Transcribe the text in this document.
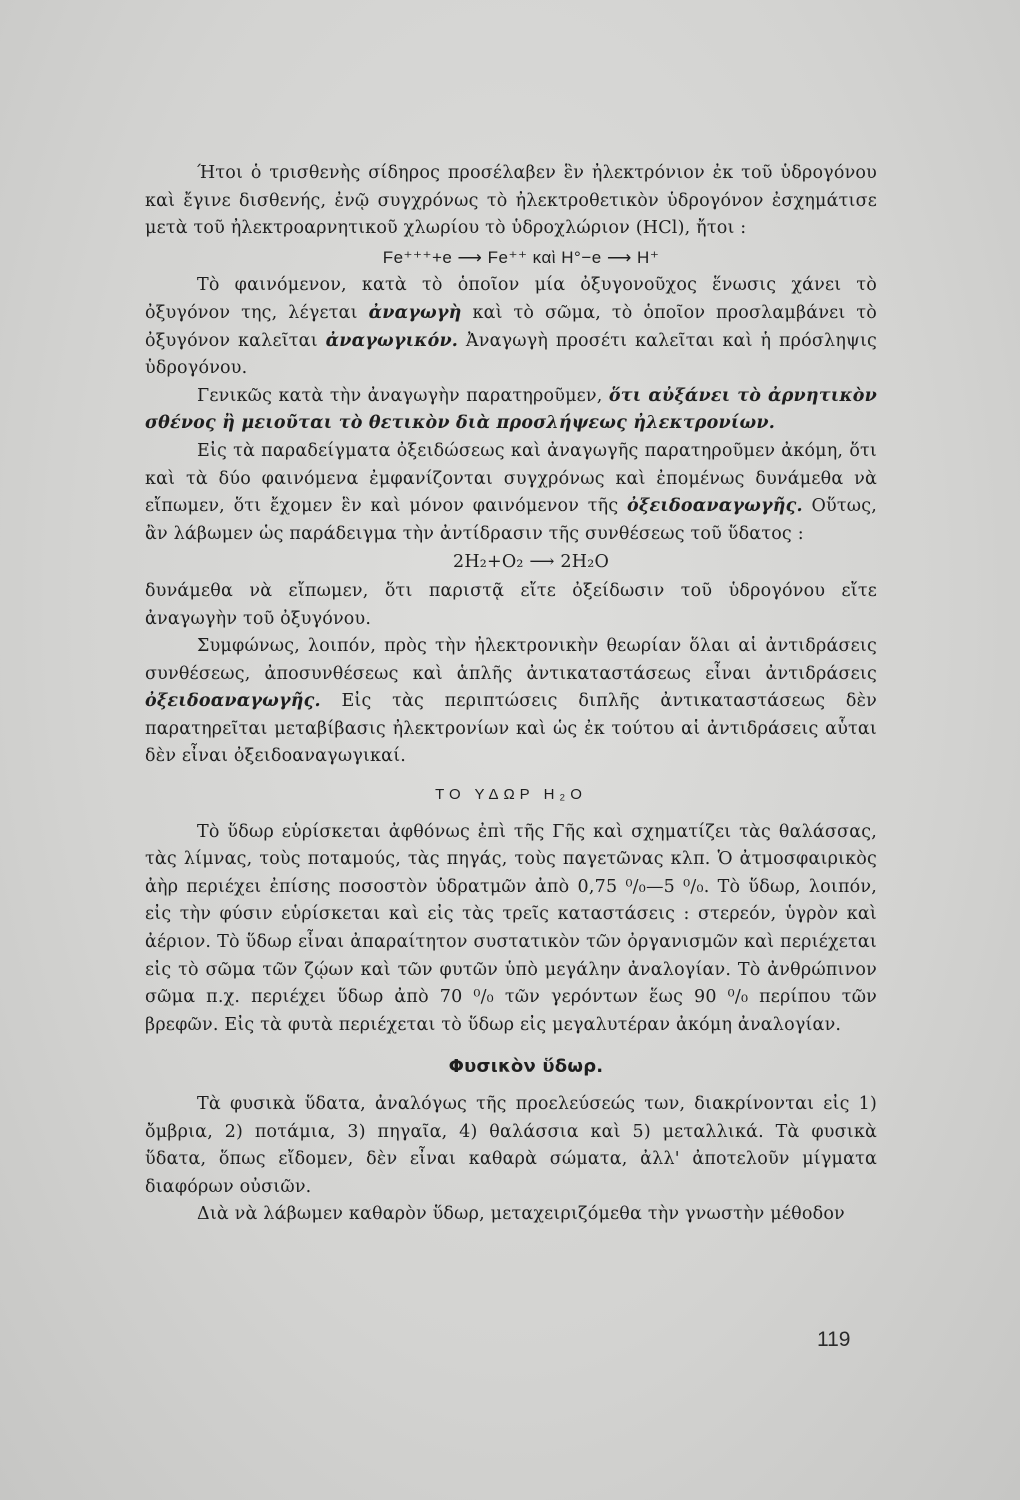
Ήτοι ὁ τρισθενὴς σίδηρος προσέλαβεν ἓν ἠλεκτρόνιον ἐκ τοῦ ὑδρογόνου καὶ ἔγινε δισθενής, ἐνῷ συγχρόνως τὸ ἠλεκτροθετικὸν ὑδρογόνον ἐσχημάτισε μετὰ τοῦ ἠλεκτροαρνητικοῦ χλωρίου τὸ ὑδροχλώριον (HCl), ἤτοι :

Fe⁺⁺⁺+e ⟶ Fe⁺⁺ καὶ H°−e ⟶ H⁺

Τὸ φαινόμενον, κατὰ τὸ ὁποῖον μία ὀξυγονοῦχος ἕνωσις χάνει τὸ ὀξυγόνον της, λέγεται ἀναγωγὴ καὶ τὸ σῶμα, τὸ ὁποῖον προσλαμβάνει τὸ ὀξυγόνον καλεῖται ἀναγωγικόν. Ἀναγωγὴ προσέτι καλεῖται καὶ ἡ πρόσληψις ὑδρογόνου.

Γενικῶς κατὰ τὴν ἀναγωγὴν παρατηροῦμεν, ὅτι αὐξάνει τὸ ἀρνητικὸν σθένος ἢ μειοῦται τὸ θετικὸν διὰ προσλήψεως ἠλεκτρονίων.

Εἰς τὰ παραδείγματα ὀξειδώσεως καὶ ἀναγωγῆς παρατηροῦμεν ἀκόμη, ὅτι καὶ τὰ δύο φαινόμενα ἐμφανίζονται συγχρόνως καὶ ἐπομένως δυνάμεθα νὰ εἴπωμεν, ὅτι ἔχομεν ἓν καὶ μόνον φαινόμενον τῆς ὀξειδοαναγωγῆς. Οὕτως, ἂν λάβωμεν ὡς παράδειγμα τὴν ἀντίδρασιν τῆς συνθέσεως τοῦ ὕδατος :

2H₂+O₂ ⟶ 2H₂O

δυνάμεθα νὰ εἴπωμεν, ὅτι παριστᾷ εἴτε ὀξείδωσιν τοῦ ὑδρογόνου εἴτε ἀναγωγὴν τοῦ ὀξυγόνου.

Συμφώνως, λοιπόν, πρὸς τὴν ἠλεκτρονικὴν θεωρίαν ὅλαι αἱ ἀντιδράσεις συνθέσεως, ἀποσυνθέσεως καὶ ἁπλῆς ἀντικαταστάσεως εἶναι ἀντιδράσεις ὀξειδοαναγωγῆς. Εἰς τὰς περιπτώσεις διπλῆς ἀντικαταστάσεως δὲν παρατηρεῖται μεταβίβασις ἠλεκτρονίων καὶ ὡς ἐκ τούτου αἱ ἀντιδράσεις αὗται δὲν εἶναι ὀξειδοαναγωγικαί.

ΤΟ ΥΔΩΡ H₂O

Τὸ ὕδωρ εὑρίσκεται ἀφθόνως ἐπὶ τῆς Γῆς καὶ σχηματίζει τὰς θαλάσσας, τὰς λίμνας, τοὺς ποταμούς, τὰς πηγάς, τοὺς παγετῶνας κλπ. Ὁ ἀτμοσφαιρικὸς ἀὴρ περιέχει ἐπίσης ποσοστὸν ὑδρατμῶν ἀπὸ 0,75 ⁰/₀—5 ⁰/₀. Τὸ ὕδωρ, λοιπόν, εἰς τὴν φύσιν εὑρίσκεται καὶ εἰς τὰς τρεῖς καταστάσεις : στερεόν, ὑγρὸν καὶ ἀέριον. Τὸ ὕδωρ εἶναι ἀπαραίτητον συστατικὸν τῶν ὀργανισμῶν καὶ περιέχεται εἰς τὸ σῶμα τῶν ζῴων καὶ τῶν φυτῶν ὑπὸ μεγάλην ἀναλογίαν. Τὸ ἀνθρώπινον σῶμα π.χ. περιέχει ὕδωρ ἀπὸ 70 ⁰/₀ τῶν γερόντων ἕως 90 ⁰/₀ περίπου τῶν βρεφῶν. Εἰς τὰ φυτὰ περιέχεται τὸ ὕδωρ εἰς μεγαλυτέραν ἀκόμη ἀναλογίαν.

Φυσικὸν ὕδωρ.

Τὰ φυσικὰ ὕδατα, ἀναλόγως τῆς προελεύσεώς των, διακρίνονται εἰς 1) ὄμβρια, 2) ποτάμια, 3) πηγαῖα, 4) θαλάσσια καὶ 5) μεταλλικά. Τὰ φυσικὰ ὕδατα, ὅπως εἴδομεν, δὲν εἶναι καθαρὰ σώματα, ἀλλ' ἀποτελοῦν μίγματα διαφόρων οὐσιῶν.

Διὰ νὰ λάβωμεν καθαρὸν ὕδωρ, μεταχειριζόμεθα τὴν γνωστὴν μέθοδον

119
